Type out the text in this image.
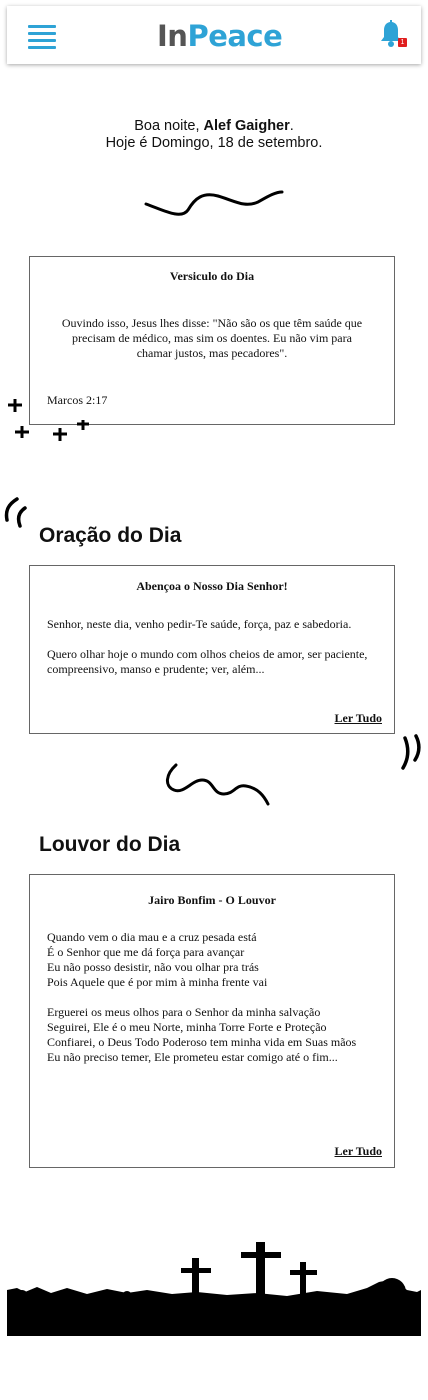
InPeace	1
Boa noite, Alef Gaigher.
Hoje é Domingo, 18 de setembro.
Versiculo do Dia
Ouvindo isso, Jesus lhes disse: "Não são os que têm saúde que precisam de médico, mas sim os doentes. Eu não vim para chamar justos, mas pecadores".
Marcos 2:17
Oração do Dia
Abençoa o Nosso Dia Senhor!
Senhor, neste dia, venho pedir-Te saúde, força, paz e sabedoria.

Quero olhar hoje o mundo com olhos cheios de amor, ser paciente, compreensivo, manso e prudente; ver, além...
Ler Tudo
Louvor do Dia
Jairo Bonfim - O Louvor
Quando vem o dia mau e a cruz pesada está
É o Senhor que me dá força para avançar
Eu não posso desistir, não vou olhar pra trás
Pois Aquele que é por mim à minha frente vai

Erguerei os meus olhos para o Senhor da minha salvação
Seguirei, Ele é o meu Norte, minha Torre Forte e Proteção
Confiarei, o Deus Todo Poderoso tem minha vida em Suas mãos
Eu não preciso temer, Ele prometeu estar comigo até o fim...
Ler Tudo
